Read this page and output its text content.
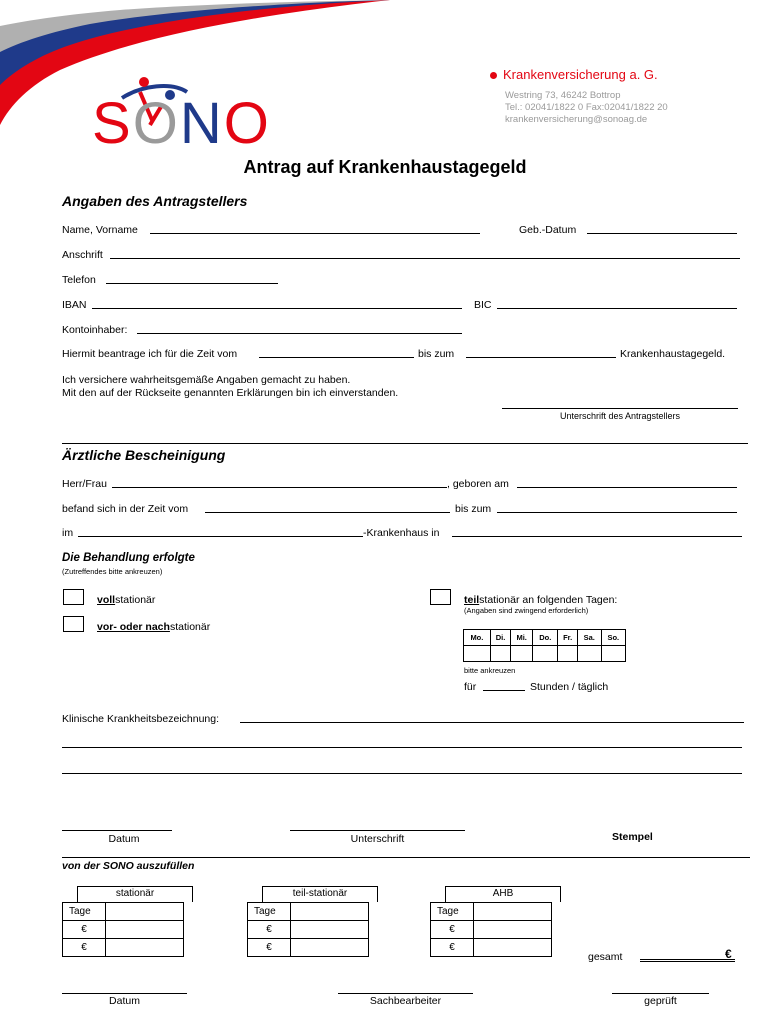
SONO
Krankenversicherung a. G.
Westring 73, 46242 Bottrop
Tel.: 02041/1822 0 Fax:02041/1822 20
krankenversicherung@sonoag.de
Antrag auf Krankenhaustagegeld
Angaben des Antragstellers
Name, Vorname	Geb.-Datum
Anschrift
Telefon
IBAN	BIC
Kontoinhaber:
Hiermit beantrage ich für die Zeit vom	bis zum	Krankenhaustagegeld.
Ich versichere wahrheitsgemäße Angaben gemacht zu haben.
Mit den auf der Rückseite genannten Erklärungen bin ich einverstanden.
Unterschrift des Antragstellers
Ärztliche Bescheinigung
Herr/Frau	, geboren am
befand sich in der Zeit vom	bis zum
im	-Krankenhaus in
Die Behandlung erfolgte
(Zutreffendes bitte ankreuzen)
vollstationär
vor- oder nachstationär
teilstationär an folgenden Tagen:
(Angaben sind zwingend erforderlich)
Mo.	Di.	Mi.	Do.	Fr.	Sa.	So.

bitte ankreuzen
für	Stunden / täglich
Klinische Krankheitsbezeichnung:
Datum	Unterschrift	Stempel
von der SONO auszufüllen
stationär
Tage	
€	
€	
teil-stationär
Tage	
€	
€	
AHB
Tage	
€	
€	
gesamt	€
Datum	Sachbearbeiter	geprüft
